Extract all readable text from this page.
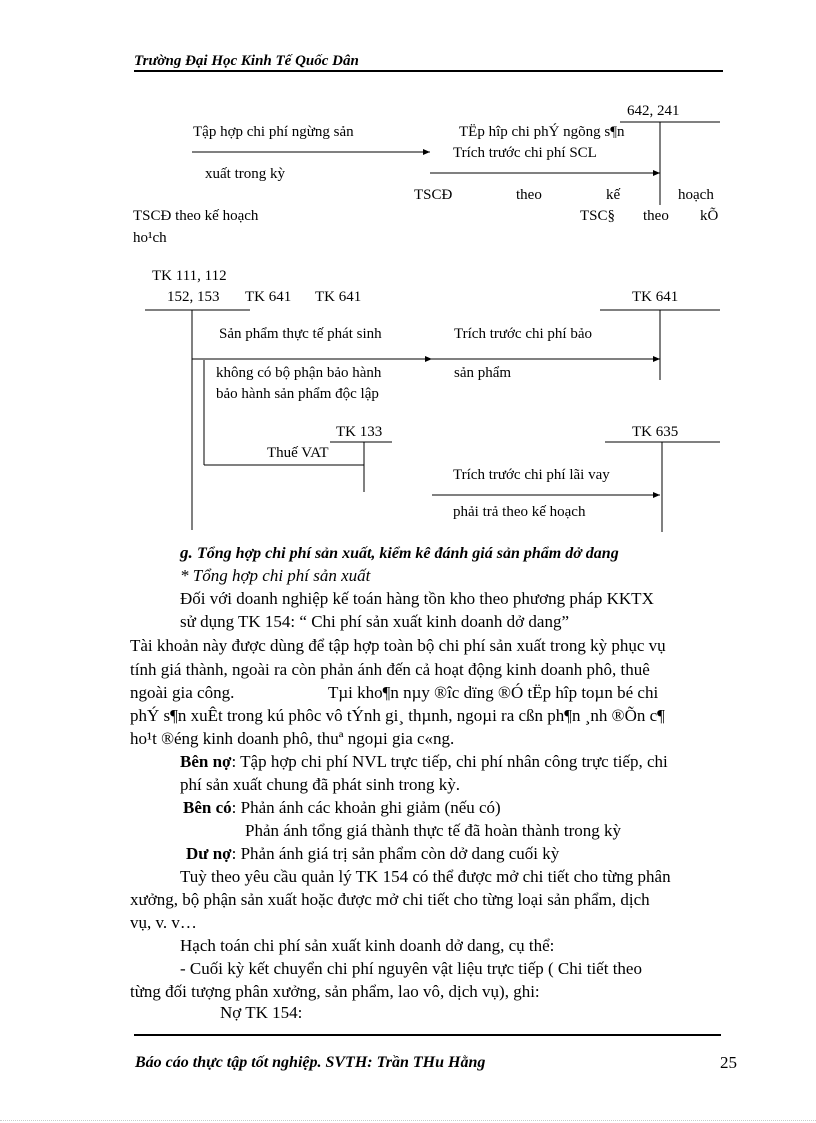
Trường Đại Học Kinh Tế Quốc Dân
642, 241
Tập hợp chi phí ngừng sản	TËp hîp chi phÝ ngõng s¶n
Trích trước chi phí SCL
xuất trong kỳ
TSCĐ	theo	kế	hoạch
TSCĐ theo kế hoạch	TSC§ theo kÕ
ho¹ch
TK 111, 112
152, 153 TK 641 TK 641	TK 641
Sản phẩm thực tế phát sinh	Trích trước chi phí bảo
không có bộ phận bảo hành	sản phẩm
bảo hành sản phẩm độc lập
TK 133	TK 635
Thuế VAT
Trích trước chi phí lãi vay
phải trả theo kế hoạch
g. Tổng hợp chi phí sản xuất, kiểm kê đánh giá sản phẩm dở dang
* Tổng hợp chi phí sản xuất
Đối với doanh nghiệp kế toán hàng tồn kho theo phương pháp KKTX
sử dụng TK 154: “ Chi phí sản xuất kinh doanh dở dang”
Tài khoản này được dùng để tập hợp toàn bộ chi phí sản xuất trong kỳ phục vụ
tính giá thành, ngoài ra còn phản ánh đến cả hoạt động kinh doanh phô, thuê
ngoài gia công.	Tµi kho¶n nµy ®îc dïng ®Ó tËp hîp toµn bé chi
phÝ s¶n xuÊt trong kú phôc vô tÝnh gi¸ thµnh, ngoµi ra cßn ph¶n ¸nh ®Õn c¶
ho¹t ®éng kinh doanh phô, thuª ngoµi gia c«ng.
Bên nợ: Tập hợp chi phí NVL trực tiếp, chi phí nhân công trực tiếp, chi
phí sản xuất chung đã phát sinh trong kỳ.
Bên có: Phản ánh các khoản ghi giảm (nếu có)
Phản ánh tổng giá thành thực tế đã hoàn thành trong kỳ
Dư nợ: Phản ánh giá trị sản phẩm còn dở dang cuối kỳ
Tuỳ theo yêu cầu quản lý TK 154 có thể được mở chi tiết cho từng phân
xưởng, bộ phận sản xuất hoặc được mở chi tiết cho từng loại sản phẩm, dịch
vụ, v. v…
Hạch toán chi phí sản xuất kinh doanh dở dang, cụ thể:
- Cuối kỳ kết chuyển chi phí nguyên vật liệu trực tiếp ( Chi tiết theo
từng đối tượng phân xưởng, sản phẩm, lao vô, dịch vụ), ghi:
Nợ TK 154:
Báo cáo thực tập tốt nghiệp. SVTH: Trần THu Hằng	25
